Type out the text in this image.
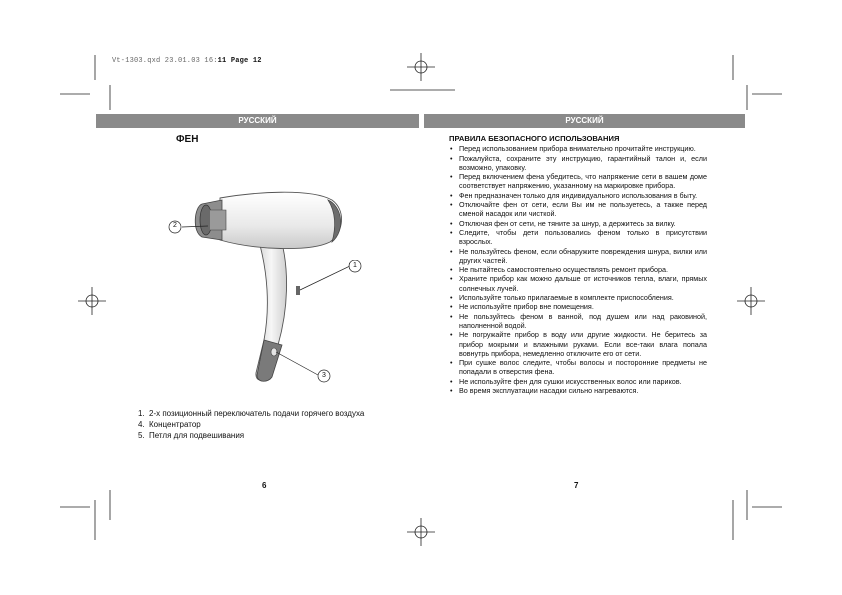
Vt-1303.qxd 23.01.03 16:11 Page 12
РУССКИЙ
ФЕН
2
1
3
1. 2-х позиционный переключатель подачи горячего воздуха
4. Концентратор
5. Петля для подвешивания
6
РУССКИЙ
ПРАВИЛА БЕЗОПАСНОГО ИСПОЛЬЗОВАНИЯ
• Перед использованием прибора внимательно прочитайте инструкцию.
• Пожалуйста, сохраните эту инструкцию, гарантийный талон и, если возможно, упаковку.
• Перед включением фена убедитесь, что напряжение сети в вашем доме соответствует напряжению, указанному на маркировке прибора.
• Фен предназначен только для индивидуального использования в быту.
• Отключайте фен от сети, если Вы им не пользуетесь, а также перед сменой насадок или чисткой.
• Отключая фен от сети, не тяните за шнур, а держитесь за вилку.
• Следите, чтобы дети пользовались феном только в присутствии взрослых.
• Не пользуйтесь феном, если обнаружите повреждения шнура, вилки или других частей.
• Не пытайтесь самостоятельно осуществлять ремонт прибора.
• Храните прибор как можно дальше от источников тепла, влаги, прямых солнечных лучей.
• Используйте только прилагаемые в комплекте приспособления.
• Не используйте прибор вне помещения.
• Не пользуйтесь феном в ванной, под душем или над раковиной, наполненной водой.
• Не погружайте прибор в воду или другие жидкости. Не беритесь за прибор мокрыми и влажными руками. Если все-таки влага попала вовнутрь прибора, немедленно отключите его от сети.
• При сушке волос следите, чтобы волосы и посторонние предметы не попадали в отверстия фена.
• Не используйте фен для сушки искусственных волос или париков.
• Во время эксплуатации насадки сильно нагреваются.
7
